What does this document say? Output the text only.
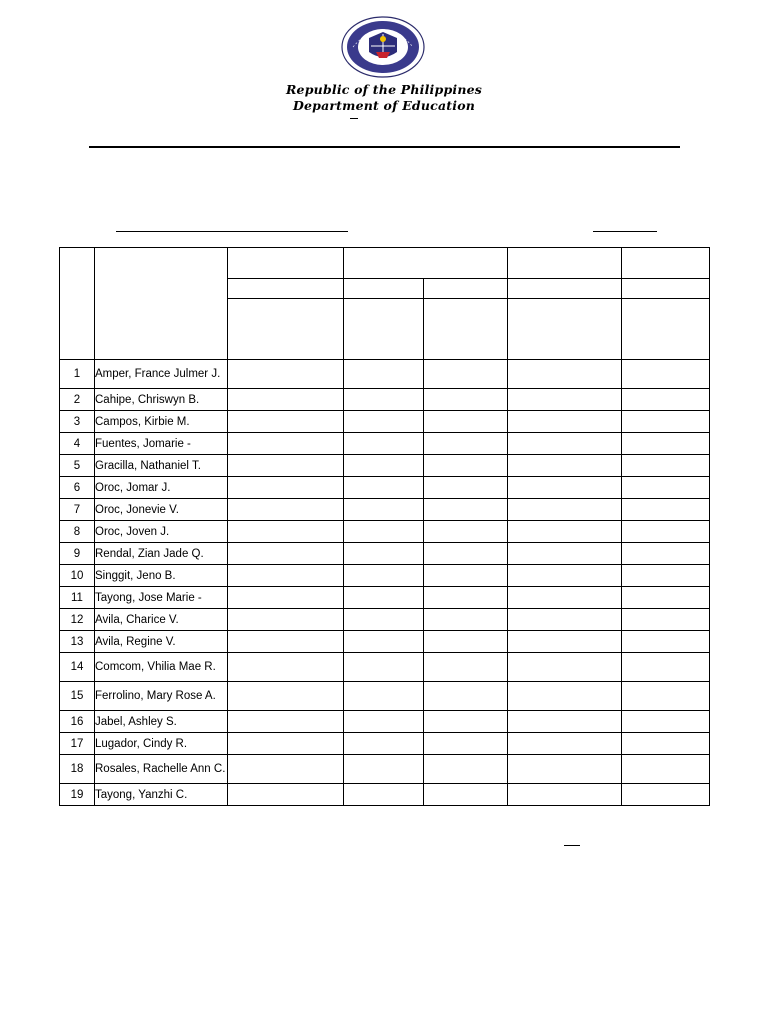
Republic of the Philippines
Department of Education

1	Amper, France Julmer J.					
2	Cahipe, Chriswyn B.					
3	Campos, Kirbie M.					
4	Fuentes, Jomarie -					
5	Gracilla, Nathaniel T.					
6	Oroc, Jomar J.					
7	Oroc, Jonevie V.					
8	Oroc, Joven J.					
9	Rendal, Zian Jade Q.					
10	Singgit, Jeno B.					
11	Tayong, Jose Marie -					
12	Avila, Charice V.					
13	Avila, Regine V.					
14	Comcom, Vhilia Mae R.					
15	Ferrolino, Mary Rose A.					
16	Jabel, Ashley S.					
17	Lugador, Cindy R.					
18	Rosales, Rachelle Ann C.					
19	Tayong, Yanzhi C.					
